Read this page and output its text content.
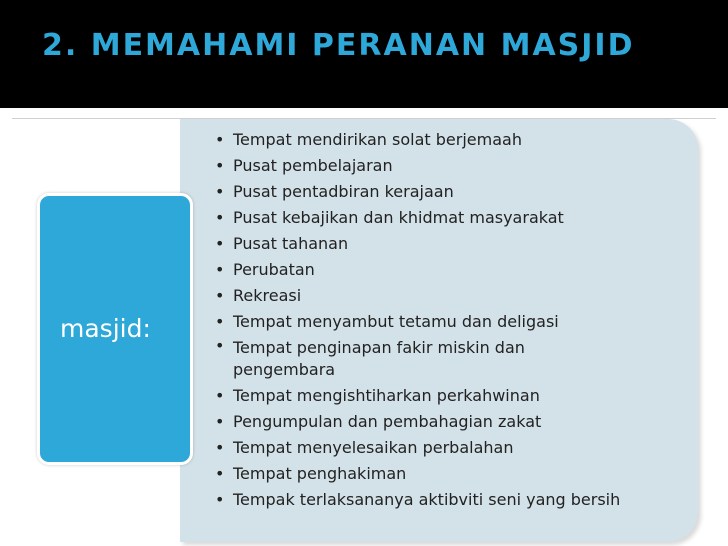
2. MEMAHAMI PERANAN MASJID
masjid:
• Tempat mendirikan solat berjemaah
• Pusat pembelajaran
• Pusat pentadbiran kerajaan
• Pusat kebajikan dan khidmat masyarakat
• Pusat tahanan
• Perubatan
• Rekreasi
• Tempat menyambut tetamu dan deligasi
• Tempat penginapan fakir miskin dan pengembara
• Tempat mengishtiharkan perkahwinan
• Pengumpulan dan pembahagian zakat
• Tempat menyelesaikan perbalahan
• Tempat penghakiman
• Tempak terlaksananya aktibviti seni yang bersih
